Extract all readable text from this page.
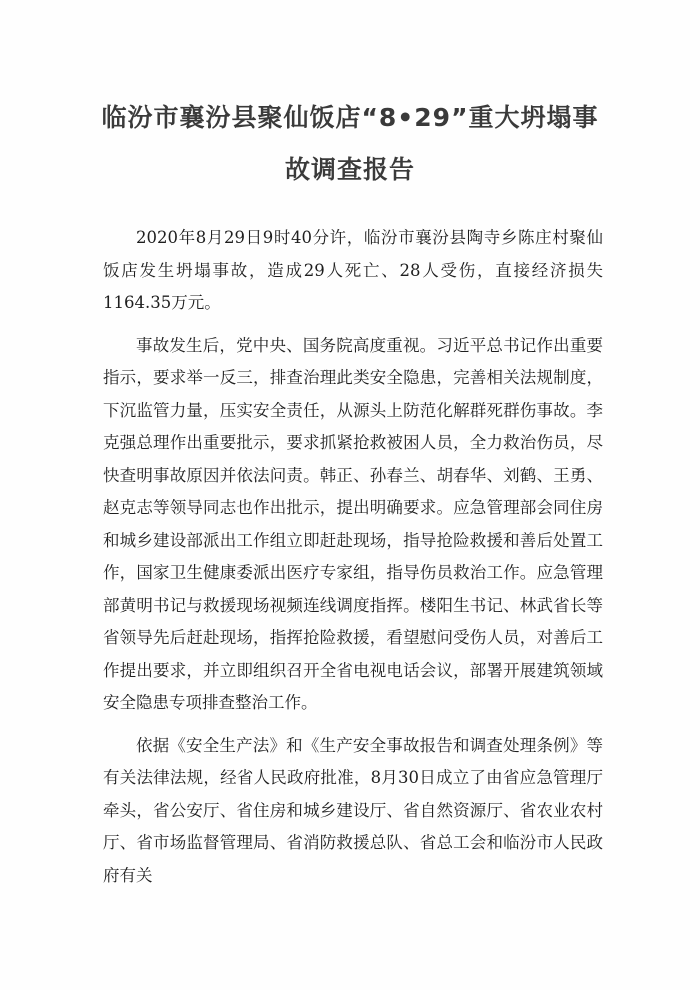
临汾市襄汾县聚仙饭店“8•29”重大坍塌事
故调查报告

2020年8月29日9时40分许，临汾市襄汾县陶寺乡陈庄村聚仙饭店发生坍塌事故，造成29人死亡、28人受伤，直接经济损失1164.35万元。

事故发生后，党中央、国务院高度重视。习近平总书记作出重要指示，要求举一反三，排查治理此类安全隐患，完善相关法规制度，下沉监管力量，压实安全责任，从源头上防范化解群死群伤事故。李克强总理作出重要批示，要求抓紧抢救被困人员，全力救治伤员，尽快查明事故原因并依法问责。韩正、孙春兰、胡春华、刘鹤、王勇、赵克志等领导同志也作出批示，提出明确要求。应急管理部会同住房和城乡建设部派出工作组立即赶赴现场，指导抢险救援和善后处置工作，国家卫生健康委派出医疗专家组，指导伤员救治工作。应急管理部黄明书记与救援现场视频连线调度指挥。楼阳生书记、林武省长等省领导先后赶赴现场，指挥抢险救援，看望慰问受伤人员，对善后工作提出要求，并立即组织召开全省电视电话会议，部署开展建筑领域安全隐患专项排查整治工作。

依据《安全生产法》和《生产安全事故报告和调查处理条例》等有关法律法规，经省人民政府批准，8月30日成立了由省应急管理厅牵头，省公安厅、省住房和城乡建设厅、省自然资源厅、省农业农村厅、省市场监督管理局、省消防救援总队、省总工会和临汾市人民政府有关
